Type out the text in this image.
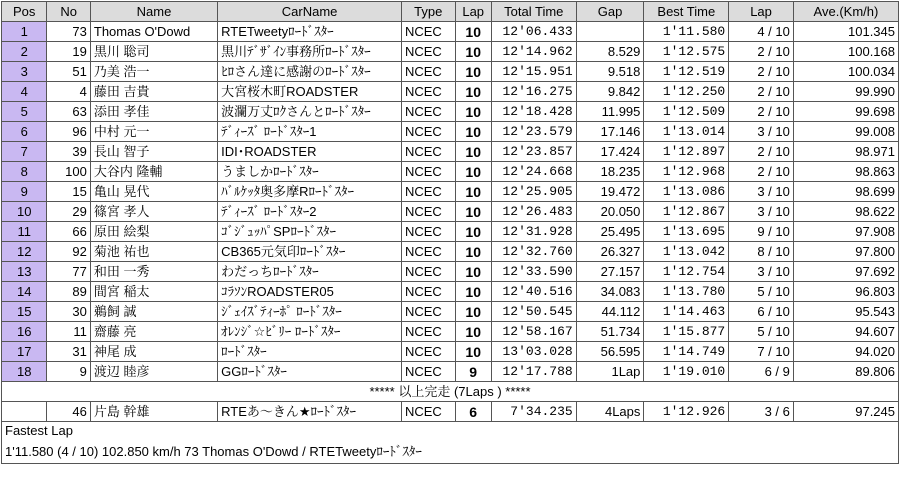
Pos	No	Name	CarName	Type	Lap	Total Time	Gap	Best Time	Lap	Ave.(Km/h)
1	73	Thomas O'Dowd	RTETweetyﾛｰﾄﾞｽﾀｰ	NCEC	10	12'06.433		1'11.580	4 / 10	101.345
2	19	黒川 聡司	黒川ﾃﾞｻﾞｲﾝ事務所ﾛｰﾄﾞｽﾀｰ	NCEC	10	12'14.962	8.529	1'12.575	2 / 10	100.168
3	51	乃美 浩一	ﾋﾛさん達に感謝のﾛｰﾄﾞｽﾀｰ	NCEC	10	12'15.951	9.518	1'12.519	2 / 10	100.034
4	4	藤田 吉貴	大宮桜木町ROADSTER	NCEC	10	12'16.275	9.842	1'12.250	2 / 10	99.990
5	63	添田 孝佳	波瀾万丈ﾛｸさんとﾛｰﾄﾞｽﾀｰ	NCEC	10	12'18.428	11.995	1'12.509	2 / 10	99.698
6	96	中村 元一	ﾃﾞｨｰｽﾞ ﾛｰﾄﾞｽﾀｰ1	NCEC	10	12'23.579	17.146	1'13.014	3 / 10	99.008
7	39	長山 智子	IDI･ROADSTER	NCEC	10	12'23.857	17.424	1'12.897	2 / 10	98.971
8	100	大谷内 隆輔	うましかﾛｰﾄﾞｽﾀｰ	NCEC	10	12'24.668	18.235	1'12.968	2 / 10	98.863
9	15	亀山 晃代	ﾊﾞﾙｹｯﾀ奥多摩Rﾛｰﾄﾞｽﾀｰ	NCEC	10	12'25.905	19.472	1'13.086	3 / 10	98.699
10	29	篠宮 孝人	ﾃﾞｨｰｽﾞ ﾛｰﾄﾞｽﾀｰ2	NCEC	10	12'26.483	20.050	1'12.867	3 / 10	98.622
11	66	原田 絵梨	ｺﾞｼﾞｭｯﾊﾟSPﾛｰﾄﾞｽﾀｰ	NCEC	10	12'31.928	25.495	1'13.695	9 / 10	97.908
12	92	菊池 祐也	CB365元気印ﾛｰﾄﾞｽﾀｰ	NCEC	10	12'32.760	26.327	1'13.042	8 / 10	97.800
13	77	和田 一秀	わだっちﾛｰﾄﾞｽﾀｰ	NCEC	10	12'33.590	27.157	1'12.754	3 / 10	97.692
14	89	間宮 稲太	ｺﾗｿﾝROADSTER05	NCEC	10	12'40.516	34.083	1'13.780	5 / 10	96.803
15	30	鵜飼 誠	ｼﾞｪｲｽﾞﾃｨｰﾎﾟ ﾛｰﾄﾞｽﾀｰ	NCEC	10	12'50.545	44.112	1'14.463	6 / 10	95.543
16	11	齋藤 亮	ｵﾚﾝｼﾞ☆ﾋﾞﾘｰ ﾛｰﾄﾞｽﾀｰ	NCEC	10	12'58.167	51.734	1'15.877	5 / 10	94.607
17	31	神尾 成	ﾛｰﾄﾞｽﾀｰ	NCEC	10	13'03.028	56.595	1'14.749	7 / 10	94.020
18	9	渡辺 睦彦	GGﾛｰﾄﾞｽﾀｰ	NCEC	9	12'17.788	1Lap	1'19.010	6 / 9	89.806
***** 以上完走 (7Laps ) *****										
	46	片島 幹雄	RTEあ～きん★ﾛｰﾄﾞｽﾀｰ	NCEC	6	7'34.235	4Laps	1'12.926	3 / 6	97.245
Fastest Lap
1'11.580 (4 / 10) 102.850 km/h 73 Thomas O'Dowd / RTETweetyﾛｰﾄﾞｽﾀｰ
